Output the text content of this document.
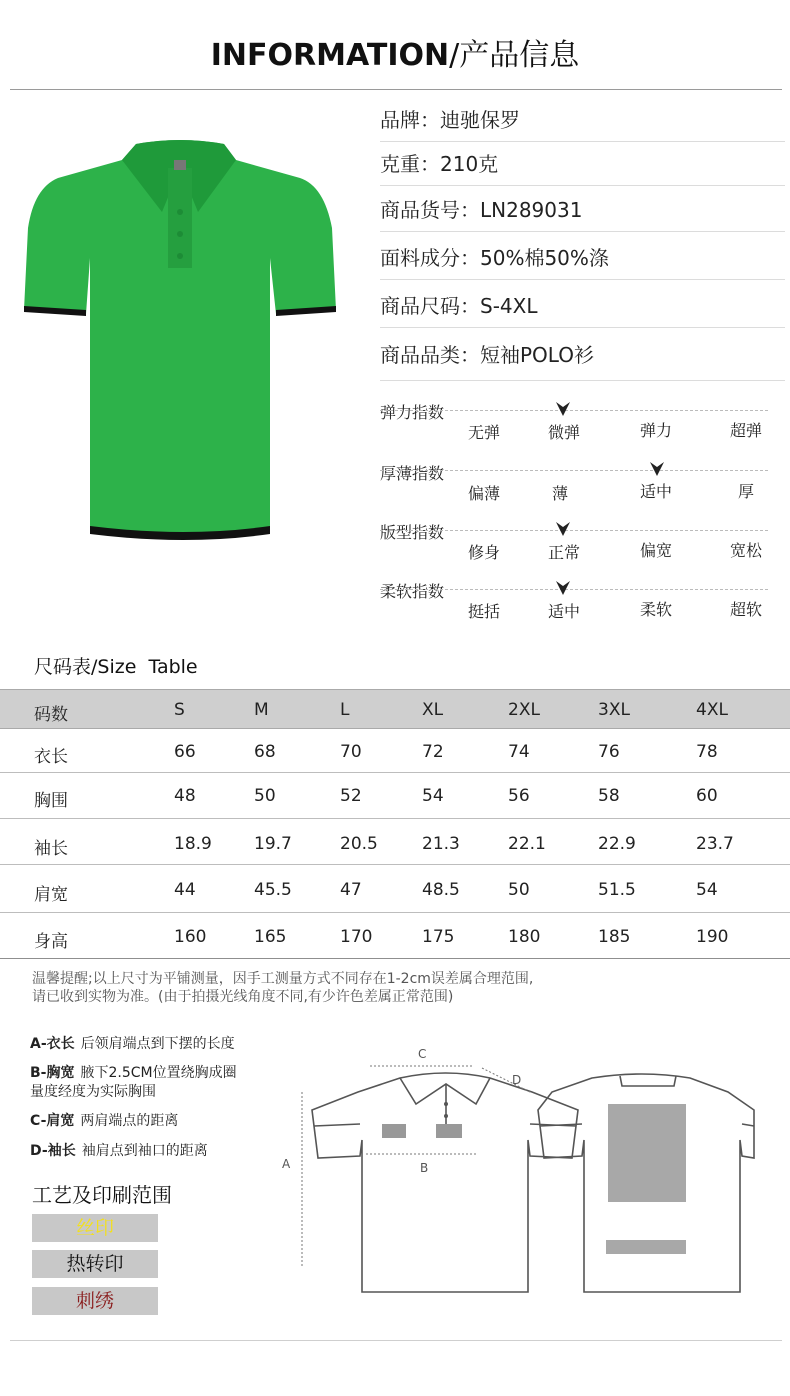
INFORMATION/产品信息
品牌：迪驰保罗
克重：210克
商品货号：LN289031
面料成分：50%棉50%涤
商品尺码：S-4XL
商品品类：短袖POLO衫
弹力指数
无弹	微弹	弹力	超弹
厚薄指数
偏薄	薄	适中	厚
版型指数
修身	正常	偏宽	宽松
柔软指数
挺括	适中	柔软	超软
尺码表/Size  Table
码数	S	M	L	XL	2XL	3XL	4XL
衣长	66	68	70	72	74	76	78
胸围	48	50	52	54	56	58	60
袖长	18.9 19.7	20.5	21.3	22.1	22.9	23.7
肩宽	44	45.5	47	48.5	50	51.5	54
身高	160	165	170	175	180	185	190
温馨提醒;以上尺寸为平铺测量，因手工测量方式不同存在1-2cm误差属合理范围,
请已收到实物为准。(由于拍摄光线角度不同,有少许色差属正常范围)
A-衣长 后领肩端点到下摆的长度
B-胸宽 腋下2.5CM位置绕胸成圈
量度经度为实际胸围
C-肩宽 两肩端点的距离
D-袖长 袖肩点到袖口的距离
工艺及印刷范围
丝印
热转印
刺绣
C
A	B
D
